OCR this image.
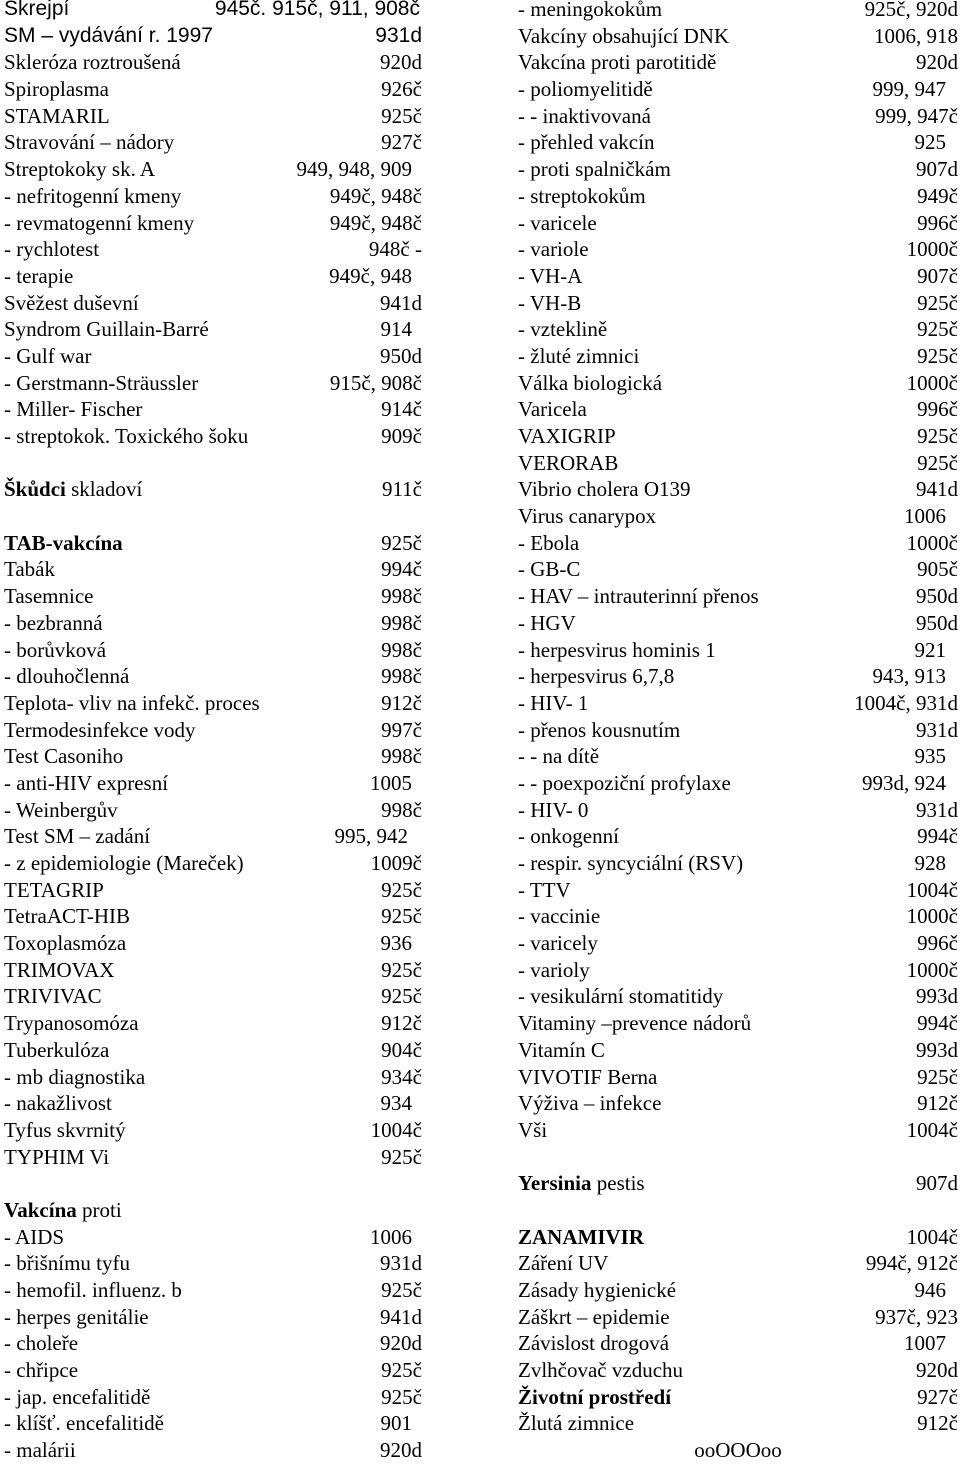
Skrejpí	945č. 915č, 911, 908č
SM – vydávání r. 1997	931d
Skleróza roztroušená	920d
Spiroplasma	926č
STAMARIL	925č
Stravování – nádory	927č
Streptokoky sk. A	949, 948, 909
- nefritogenní kmeny	949č, 948č
- revmatogenní kmeny	949č, 948č
- rychlotest	948č -
- terapie	949č, 948
Svěžest duševní	941d
Syndrom Guillain-Barré	914
- Gulf war	950d
- Gerstmann-Sträussler	915č, 908č
- Miller- Fischer	914č
- streptokok. Toxického šoku	909č
Škůdci skladoví	911č
TAB-vakcína	925č
Tabák	994č
Tasemnice	998č
- bezbranná	998č
- borůvková	998č
- dlouhočlenná	998č
Teplota- vliv na infekč. proces	912č
Termodesinfekce vody	997č
Test Casoniho	998č
- anti-HIV expresní	1005
- Weinbergův	998č
Test SM – zadání	995, 942
- z epidemiologie (Mareček)	1009č
TETAGRIP	925č
TetraACT-HIB	925č
Toxoplasmóza	936
TRIMOVAX	925č
TRIVIVAC	925č
Trypanosomóza	912č
Tuberkulóza	904č
- mb diagnostika	934č
- nakažlivost	934
Tyfus skvrnitý	1004č
TYPHIM Vi	925č
Vakcína proti
- AIDS	1006
- břišnímu tyfu	931d
- hemofil. influenz. b	925č
- herpes genitálie	941d
- choleře	920d
- chřipce	925č
- jap. encefalitidě	925č
- klíšť. encefalitidě	901
- malárii	920d
- meningokokům	925č, 920d
Vakcíny obsahující DNK	1006, 918
Vakcína proti parotitidě	920d
- poliomyelitidě	999, 947
- - inaktivovaná	999, 947č
- přehled vakcín	925
- proti spalničkám	907d
- streptokokům	949č
- varicele	996č
- variole	1000č
- VH-A	907č
- VH-B	925č
- vzteklině	925č
- žluté zimnici	925č
Válka biologická	1000č
Varicela	996č
VAXIGRIP	925č
VERORAB	925č
Vibrio cholera O139	941d
Virus canarypox	1006
- Ebola	1000č
- GB-C	905č
- HAV – intrauterinní přenos	950d
- HGV	950d
- herpesvirus hominis 1	921
- herpesvirus 6,7,8	943, 913
- HIV- 1	1004č, 931d
- přenos kousnutím	931d
- - na dítě	935
- - poexpoziční profylaxe	993d, 924
- HIV- 0	931d
- onkogenní	994č
- respir. syncyciální (RSV)	928
- TTV	1004č
- vaccinie	1000č
- varicely	996č
- varioly	1000č
- vesikulární stomatitidy	993d
Vitaminy –prevence nádorů	994č
Vitamín C	993d
VIVOTIF Berna	925č
Výživa – infekce	912č
Vši	1004č
Yersinia pestis	907d
ZANAMIVIR	1004č
Záření UV	994č, 912č
Zásady hygienické	946
Záškrt – epidemie	937č, 923
Závislost drogová	1007
Zvlhčovač vzduchu	920d
Životní prostředí	927č
Žlutá zimnice	912č
ooOOOoo
